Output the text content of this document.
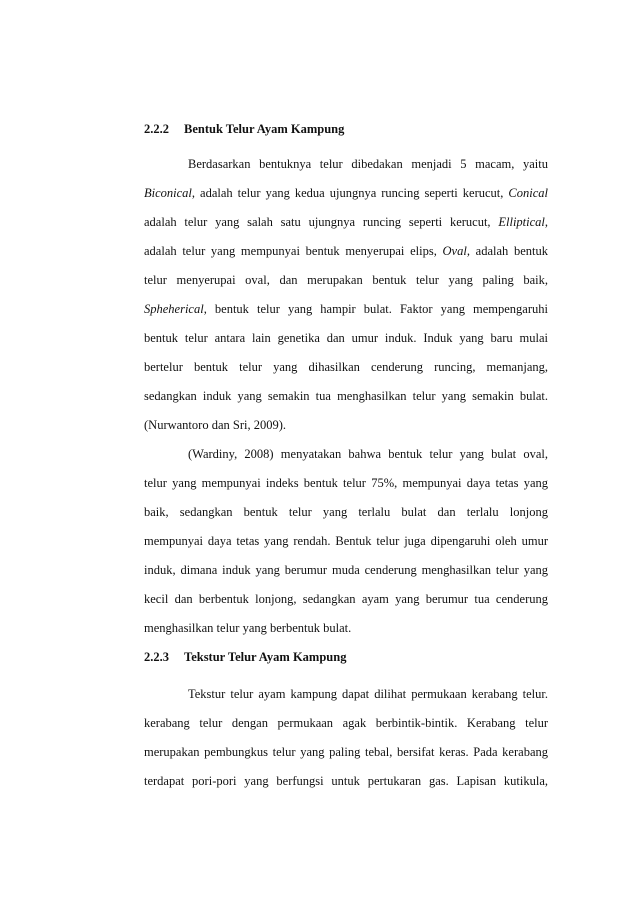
2.2.2 Bentuk Telur Ayam Kampung
Berdasarkan bentuknya telur dibedakan menjadi 5 macam, yaitu
Biconical, adalah telur yang kedua ujungnya runcing seperti kerucut, Conical
adalah telur yang salah satu ujungnya runcing seperti kerucut, Elliptical,
adalah telur yang mempunyai bentuk menyerupai elips, Oval, adalah bentuk
telur menyerupai oval, dan merupakan bentuk telur yang paling baik,
Spheherical, bentuk telur yang hampir bulat. Faktor yang mempengaruhi
bentuk telur antara lain genetika dan umur induk. Induk yang baru mulai
bertelur bentuk telur yang dihasilkan cenderung runcing, memanjang,
sedangkan induk yang semakin tua menghasilkan telur yang semakin bulat.
(Nurwantoro dan Sri, 2009).
(Wardiny, 2008) menyatakan bahwa bentuk telur yang bulat oval,
telur yang mempunyai indeks bentuk telur 75%, mempunyai daya tetas yang
baik, sedangkan bentuk telur yang terlalu bulat dan terlalu lonjong
mempunyai daya tetas yang rendah. Bentuk telur juga dipengaruhi oleh umur
induk, dimana induk yang berumur muda cenderung menghasilkan telur yang
kecil dan berbentuk lonjong, sedangkan ayam yang berumur tua cenderung
menghasilkan telur yang berbentuk bulat.
2.2.3 Tekstur Telur Ayam Kampung
Tekstur telur ayam kampung dapat dilihat permukaan kerabang telur.
kerabang telur dengan permukaan agak berbintik-bintik. Kerabang telur
merupakan pembungkus telur yang paling tebal, bersifat keras. Pada kerabang
terdapat pori-pori yang berfungsi untuk pertukaran gas. Lapisan kutikula,
